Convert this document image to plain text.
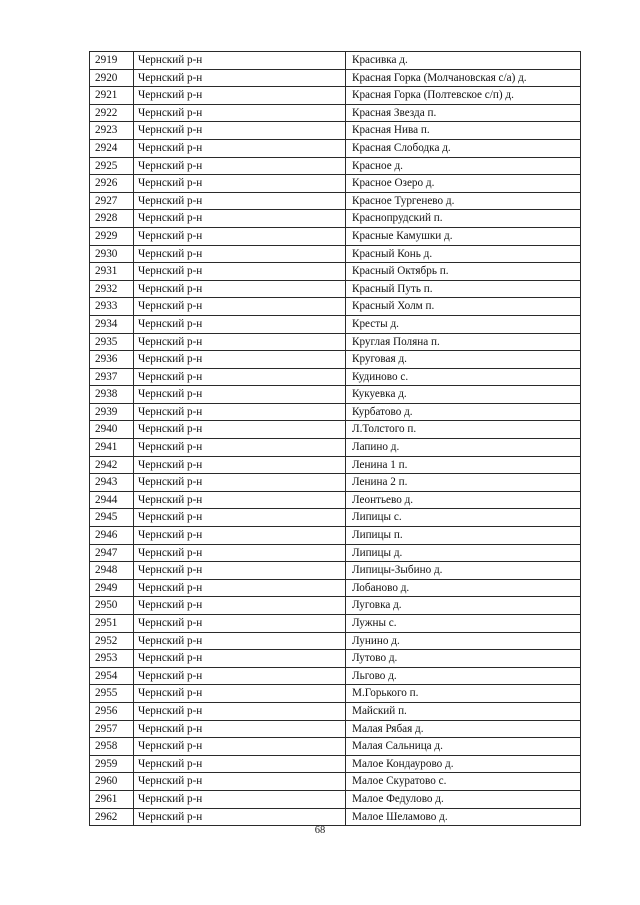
2919	Чернский р-н	Красивка д.
2920	Чернский р-н	Красная Горка (Молчановская с/а) д.
2921	Чернский р-н	Красная Горка (Полтевское с/п) д.
2922	Чернский р-н	Красная Звезда п.
2923	Чернский р-н	Красная Нива п.
2924	Чернский р-н	Красная Слободка д.
2925	Чернский р-н	Красное д.
2926	Чернский р-н	Красное Озеро д.
2927	Чернский р-н	Красное Тургенево д.
2928	Чернский р-н	Краснопрудский п.
2929	Чернский р-н	Красные Камушки д.
2930	Чернский р-н	Красный Конь д.
2931	Чернский р-н	Красный Октябрь п.
2932	Чернский р-н	Красный Путь п.
2933	Чернский р-н	Красный Холм п.
2934	Чернский р-н	Кресты д.
2935	Чернский р-н	Круглая Поляна п.
2936	Чернский р-н	Круговая д.
2937	Чернский р-н	Кудиново с.
2938	Чернский р-н	Кукуевка д.
2939	Чернский р-н	Курбатово д.
2940	Чернский р-н	Л.Толстого п.
2941	Чернский р-н	Лапино д.
2942	Чернский р-н	Ленина 1 п.
2943	Чернский р-н	Ленина 2 п.
2944	Чернский р-н	Леонтьево д.
2945	Чернский р-н	Липицы с.
2946	Чернский р-н	Липицы п.
2947	Чернский р-н	Липицы д.
2948	Чернский р-н	Липицы-Зыбино д.
2949	Чернский р-н	Лобаново д.
2950	Чернский р-н	Луговка д.
2951	Чернский р-н	Лужны с.
2952	Чернский р-н	Лунино д.
2953	Чернский р-н	Лутово д.
2954	Чернский р-н	Льгово д.
2955	Чернский р-н	М.Горького п.
2956	Чернский р-н	Майский п.
2957	Чернский р-н	Малая Рябая д.
2958	Чернский р-н	Малая Сальница д.
2959	Чернский р-н	Малое Кондаурово д.
2960	Чернский р-н	Малое Скуратово с.
2961	Чернский р-н	Малое Федулово д.
2962	Чернский р-н	Малое Шеламово д.
68
